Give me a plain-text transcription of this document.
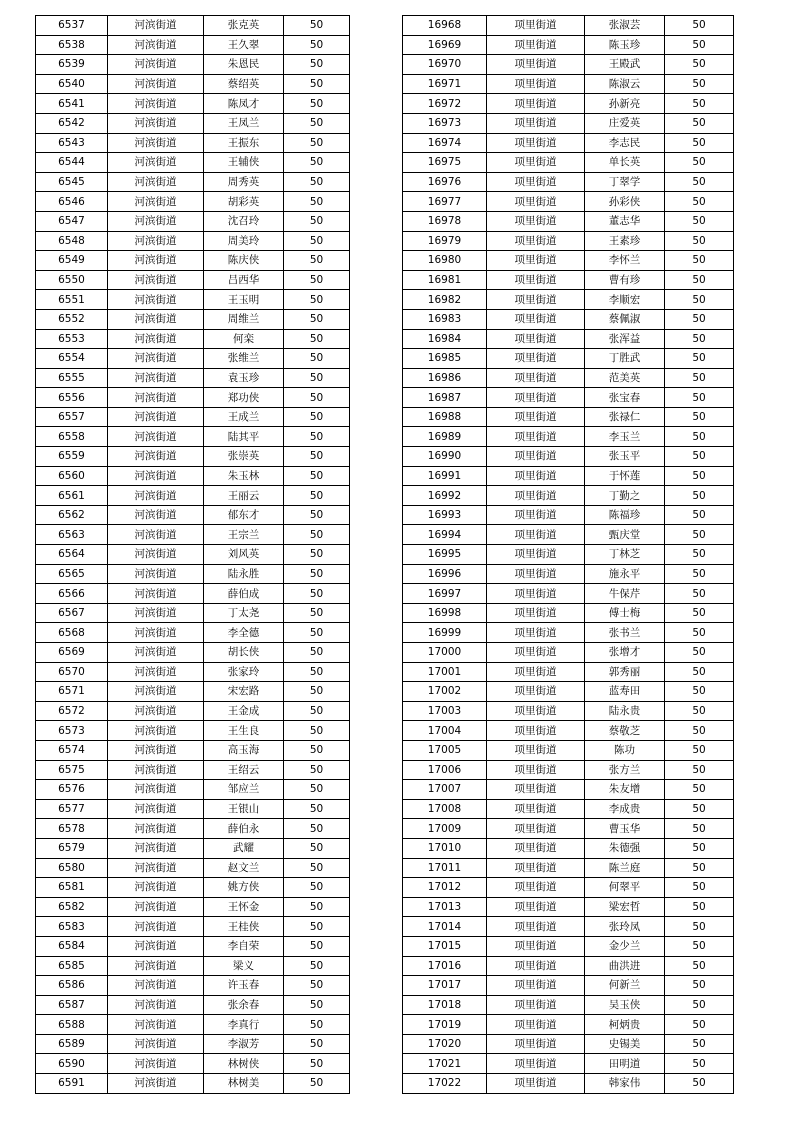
6537	河滨街道	张克英	50
6538	河滨街道	王久翠	50
6539	河滨街道	朱恩民	50
6540	河滨街道	蔡绍英	50
6541	河滨街道	陈凤才	50
6542	河滨街道	王凤兰	50
6543	河滨街道	王振东	50
6544	河滨街道	王辅侠	50
6545	河滨街道	周秀英	50
6546	河滨街道	胡彩英	50
6547	河滨街道	沈召玲	50
6548	河滨街道	周美玲	50
6549	河滨街道	陈庆侠	50
6550	河滨街道	吕西华	50
6551	河滨街道	王玉明	50
6552	河滨街道	周维兰	50
6553	河滨街道	何栾	50
6554	河滨街道	张维兰	50
6555	河滨街道	袁玉珍	50
6556	河滨街道	郑功侠	50
6557	河滨街道	王成兰	50
6558	河滨街道	陆其平	50
6559	河滨街道	张崇英	50
6560	河滨街道	朱玉林	50
6561	河滨街道	王丽云	50
6562	河滨街道	郁东才	50
6563	河滨街道	王宗兰	50
6564	河滨街道	刘风英	50
6565	河滨街道	陆永胜	50
6566	河滨街道	薛伯成	50
6567	河滨街道	丁太尧	50
6568	河滨街道	李全德	50
6569	河滨街道	胡长侠	50
6570	河滨街道	张家玲	50
6571	河滨街道	宋宏路	50
6572	河滨街道	王金成	50
6573	河滨街道	王生良	50
6574	河滨街道	高玉海	50
6575	河滨街道	王绍云	50
6576	河滨街道	邹应兰	50
6577	河滨街道	王银山	50
6578	河滨街道	薛伯永	50
6579	河滨街道	武耀	50
6580	河滨街道	赵文兰	50
6581	河滨街道	姚方侠	50
6582	河滨街道	王怀金	50
6583	河滨街道	王桂侠	50
6584	河滨街道	李自荣	50
6585	河滨街道	梁义	50
6586	河滨街道	许玉春	50
6587	河滨街道	张余春	50
6588	河滨街道	李真行	50
6589	河滨街道	李淑芳	50
6590	河滨街道	林树侠	50
6591	河滨街道	林树美	50
16968	项里街道	张淑芸	50
16969	项里街道	陈玉珍	50
16970	项里街道	王殿武	50
16971	项里街道	陈淑云	50
16972	项里街道	孙新亮	50
16973	项里街道	庄爱英	50
16974	项里街道	李志民	50
16975	项里街道	单长英	50
16976	项里街道	丁翠学	50
16977	项里街道	孙彩侠	50
16978	项里街道	董志华	50
16979	项里街道	王素珍	50
16980	项里街道	李怀兰	50
16981	项里街道	曹有珍	50
16982	项里街道	李顺宏	50
16983	项里街道	蔡佩淑	50
16984	项里街道	张浑益	50
16985	项里街道	丁胜武	50
16986	项里街道	范美英	50
16987	项里街道	张宝春	50
16988	项里街道	张禄仁	50
16989	项里街道	李玉兰	50
16990	项里街道	张玉平	50
16991	项里街道	于怀莲	50
16992	项里街道	丁勤之	50
16993	项里街道	陈福珍	50
16994	项里街道	甄庆堂	50
16995	项里街道	丁林芝	50
16996	项里街道	施永平	50
16997	项里街道	牛保芹	50
16998	项里街道	傅士梅	50
16999	项里街道	张书兰	50
17000	项里街道	张增才	50
17001	项里街道	郭秀丽	50
17002	项里街道	蓝寿田	50
17003	项里街道	陆永贵	50
17004	项里街道	蔡敬芝	50
17005	项里街道	陈功	50
17006	项里街道	张方兰	50
17007	项里街道	朱友增	50
17008	项里街道	李成贵	50
17009	项里街道	曹玉华	50
17010	项里街道	朱德强	50
17011	项里街道	陈兰庭	50
17012	项里街道	何翠平	50
17013	项里街道	梁宏哲	50
17014	项里街道	张玲凤	50
17015	项里街道	金少兰	50
17016	项里街道	曲洪进	50
17017	项里街道	何新兰	50
17018	项里街道	吴玉侠	50
17019	项里街道	柯炳贵	50
17020	项里街道	史锡美	50
17021	项里街道	田明道	50
17022	项里街道	韩家伟	50
